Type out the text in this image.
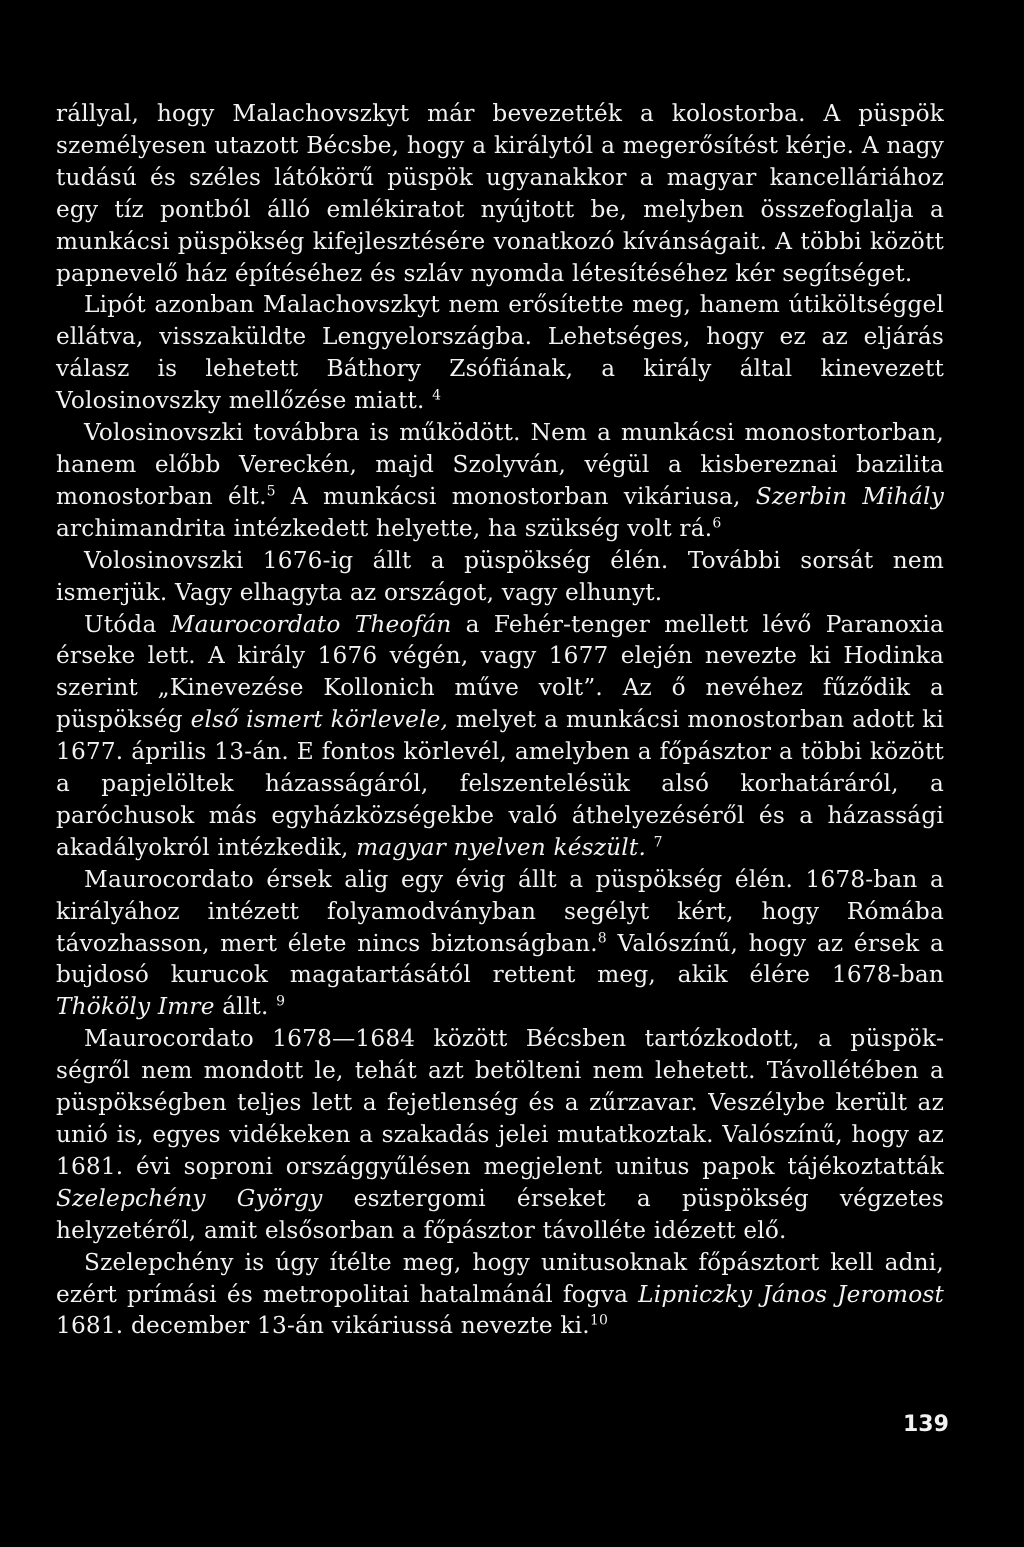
rállyal, hogy Malachovszkyt már bevezették a kolostorba. A püspök személyesen utazott Bécsbe, hogy a királytól a megerősítést kérje. A nagy tudású és széles látókörű püspök ugyanakkor a magyar kancelláriához egy tíz pontból álló emlékiratot nyújtott be, melyben összefoglalja a munkácsi püspökség kifejlesztésére vonatkozó kívánságait. A többi között papnevelő ház építéséhez és szláv nyomda létesítéséhez kér segítséget.

Lipót azonban Malachovszkyt nem erősítette meg, hanem útiköltséggel ellátva, visszaküldte Lengyelországba. Lehetséges, hogy ez az eljárás válasz is lehetett Báthory Zsófiának, a király által kinevezett Volosinovszky mellőzése miatt. $^4$

Volosinovszki továbbra is működött. Nem a munkácsi monostortorban, hanem előbb Vereckén, majd Szolyván, végül a kisbereznai bazilita monostorban élt.$^5$ A munkácsi monostorban vikáriusa, Szerbin Mihály archimandrita intézkedett helyette, ha szükség volt rá.$^6$

Volosinovszki 1676-ig állt a püspökség élén. További sorsát nem ismerjük. Vagy elhagyta az országot, vagy elhunyt.

Utóda Maurocordato Theofán a Fehér-tenger mellett lévő Paranoxia érseke lett. A király 1676 végén, vagy 1677 elején nevezte ki Hodinka szerint „Kinevezése Kollonich műve volt”. Az ő nevéhez fűződik a püspökség első ismert körlevele, melyet a munkácsi monostorban adott ki 1677. április 13-án. E fontos körlevél, amelyben a főpásztor a többi között a papjelöltek házasságáról, felszentelésük alsó korhatáráról, a paróchusok más egyházközségekbe való áthelyezéséről és a házassági akadályokról intézkedik, magyar nyelven készült. $^7$

Maurocordato érsek alig egy évig állt a püspökség élén. 1678-ban a királyához intézett folyamodványban segélyt kért, hogy Rómába távozhasson, mert élete nincs biztonságban.$^8$ Valószínű, hogy az érsek a bujdosó kurucok magatartásától rettent meg, akik élére 1678-ban Thököly Imre állt. $^9$

Maurocordato 1678—1684 között Bécsben tartózkodott, a püspökségről nem mondott le, tehát azt betölteni nem lehetett. Távollétében a püspökségben teljes lett a fejetlenség és a zűrzavar. Veszélybe került az unió is, egyes vidékeken a szakadás jelei mutatkoztak. Valószínű, hogy az 1681. évi soproni országgyűlésen megjelent unitus papok tájékoztatták Szelepchény György esztergomi érseket a püspökség végzetes helyzetéről, amit elsősorban a főpásztor távolléte idézett elő.

Szelepchény is úgy ítélte meg, hogy unitusoknak főpásztort kell adni, ezért prímási és metropolitai hatalmánál fogva Lipniczky János Jeromost 1681. december 13-án vikáriussá nevezte ki.$^{10}$

139
